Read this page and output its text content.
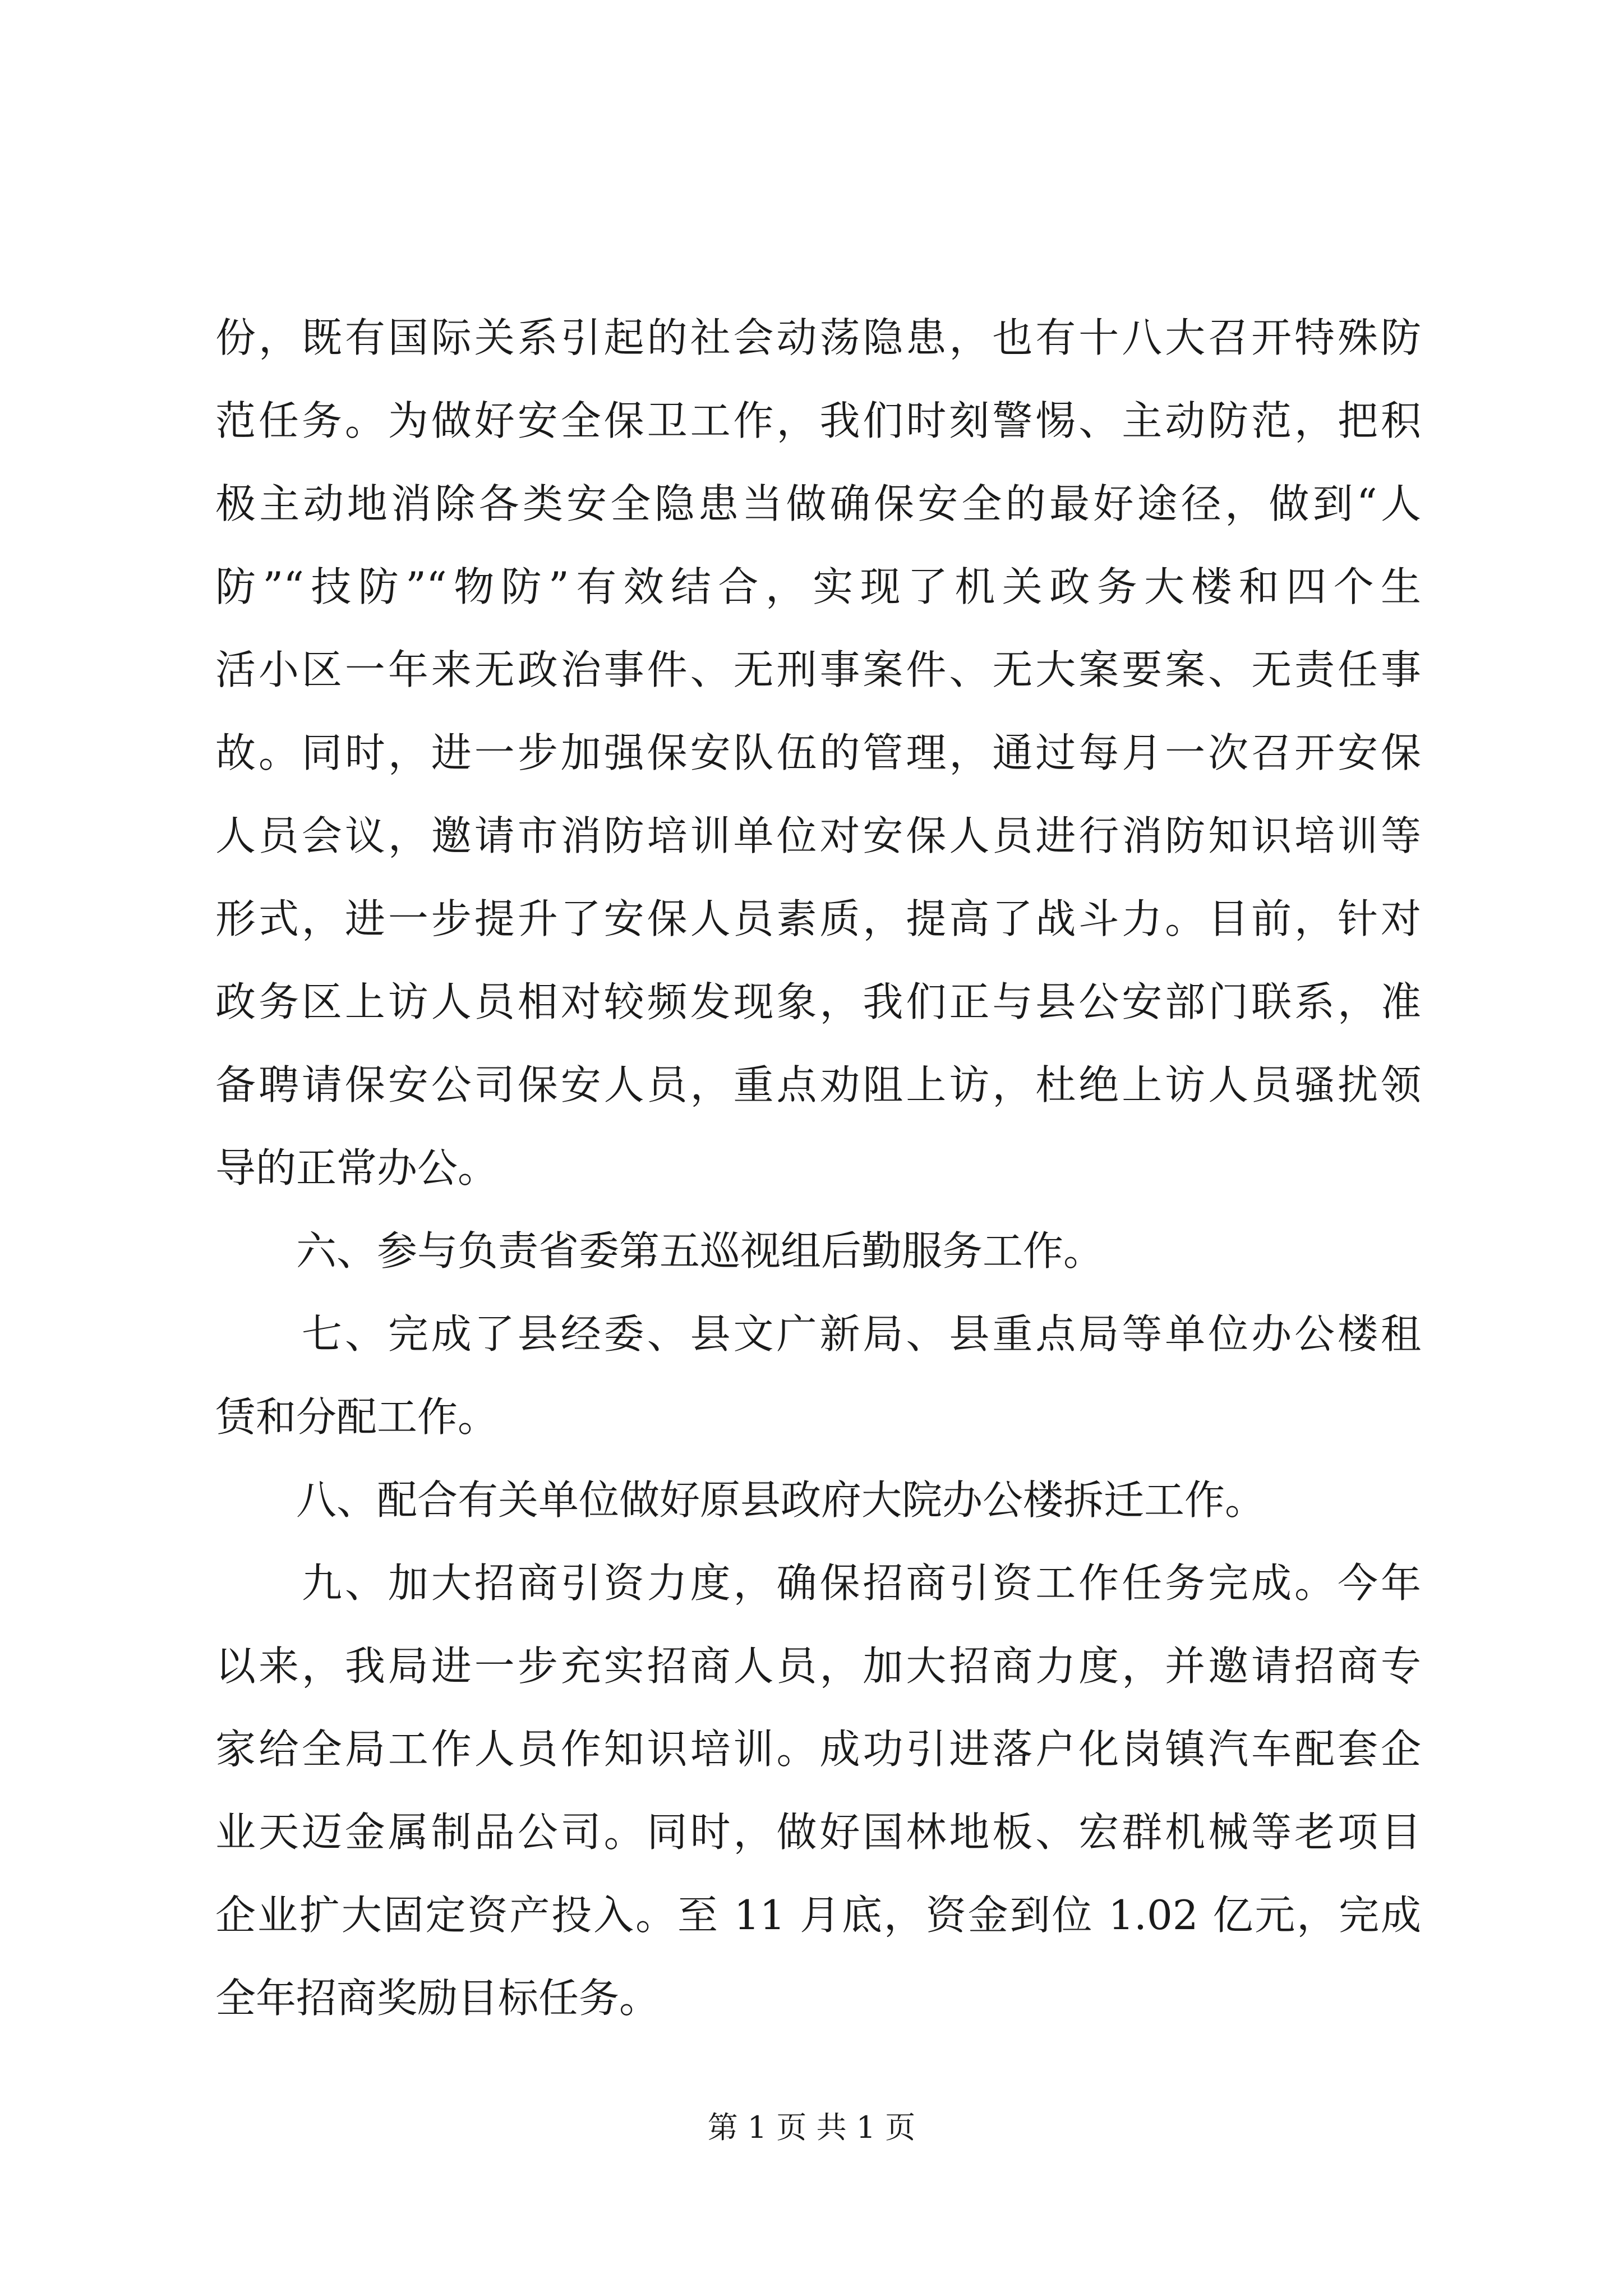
份，既有国际关系引起的社会动荡隐患，也有十八大召开特殊防
范任务。为做好安全保卫工作，我们时刻警惕、主动防范，把积
极主动地消除各类安全隐患当做确保安全的最好途径，做到“人
防”“技防”“物防”有效结合，实现了机关政务大楼和四个生
活小区一年来无政治事件、无刑事案件、无大案要案、无责任事
故。同时，进一步加强保安队伍的管理，通过每月一次召开安保
人员会议，邀请市消防培训单位对安保人员进行消防知识培训等
形式，进一步提升了安保人员素质，提高了战斗力。目前，针对
政务区上访人员相对较频发现象，我们正与县公安部门联系，准
备聘请保安公司保安人员，重点劝阻上访，杜绝上访人员骚扰领
导的正常办公。
　　六、参与负责省委第五巡视组后勤服务工作。
　　七、完成了县经委、县文广新局、县重点局等单位办公楼租
赁和分配工作。
　　八、配合有关单位做好原县政府大院办公楼拆迁工作。
　　九、加大招商引资力度，确保招商引资工作任务完成。今年
以来，我局进一步充实招商人员，加大招商力度，并邀请招商专
家给全局工作人员作知识培训。成功引进落户化岗镇汽车配套企
业天迈金属制品公司。同时，做好国林地板、宏群机械等老项目
企业扩大固定资产投入。至 11 月底，资金到位 1.02 亿元，完成
全年招商奖励目标任务。
第 1 页 共 1 页
